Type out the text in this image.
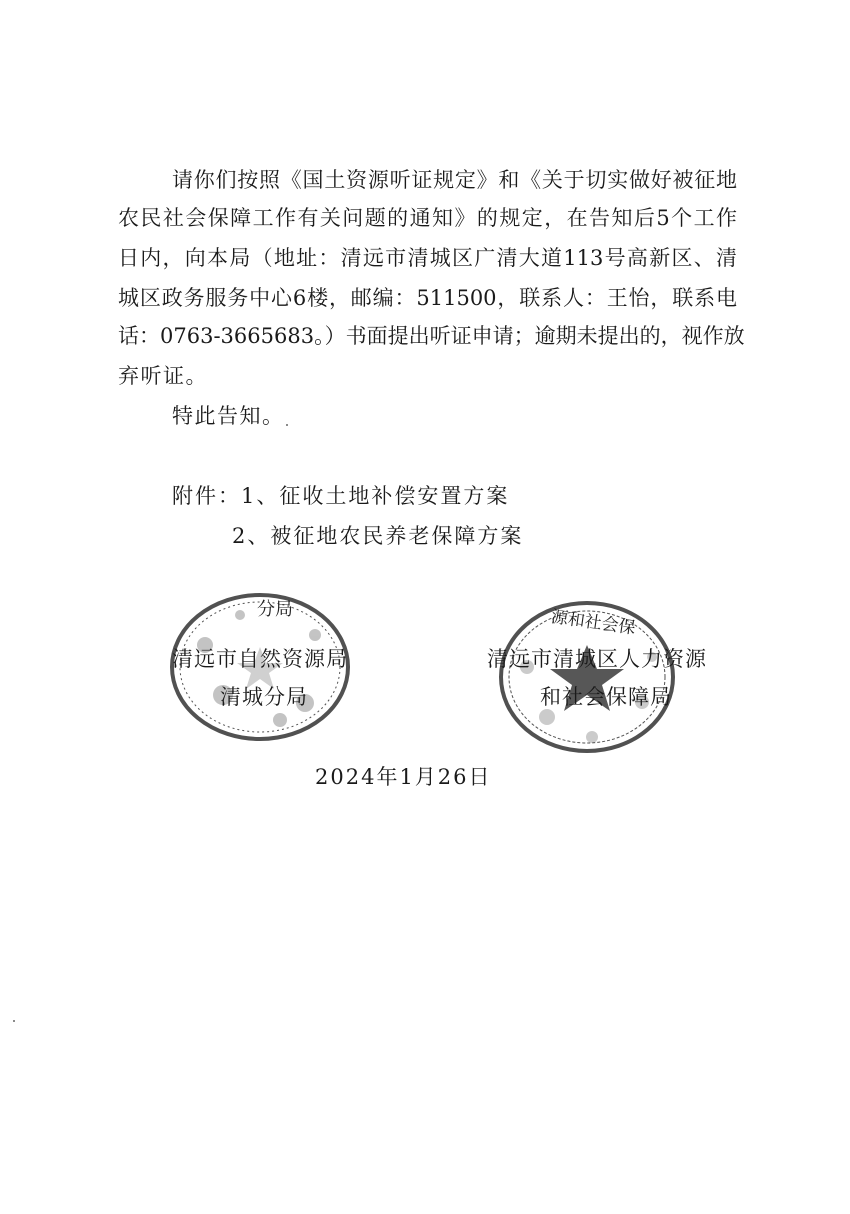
请你们按照《国土资源听证规定》和《关于切实做好被征地
农民社会保障工作有关问题的通知》的规定，在告知后5个工作
日内，向本局（地址：清远市清城区广清大道113号高新区、清
城区政务服务中心6楼，邮编：511500，联系人：王怡，联系电
话：0763-3665683。）书面提出听证申请；逾期未提出的，视作放
弃听证。
特此告知。
附件：1、征收土地补偿安置方案
2、被征地农民养老保障方案
分局	源和社会保
清远市自然资源局
清城分局
清远市清城区人力资源
和社会保障局
2024年1月26日
